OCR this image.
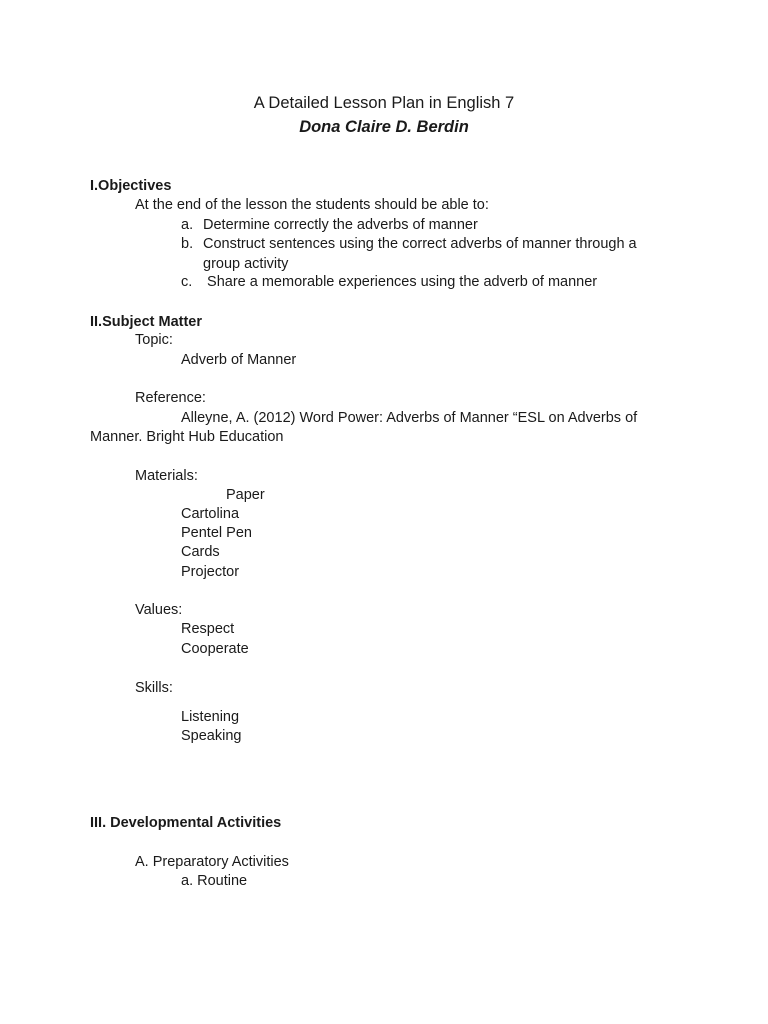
A Detailed Lesson Plan in English 7
Dona Claire D. Berdin
I.Objectives
At the end of the lesson the students should be able to:
a. Determine correctly the adverbs of manner
b. Construct sentences using the correct adverbs of manner through a
group activity
c. Share a memorable experiences using the adverb of manner
II.Subject Matter
Topic:
Adverb of Manner
Reference:
Alleyne, A. (2012) Word Power: Adverbs of Manner “ESL on Adverbs of
Manner. Bright Hub Education
Materials:
Paper
Cartolina
Pentel Pen
Cards
Projector
Values:
Respect
Cooperate
Skills:
Listening
Speaking
III. Developmental Activities
A. Preparatory Activities
a. Routine
